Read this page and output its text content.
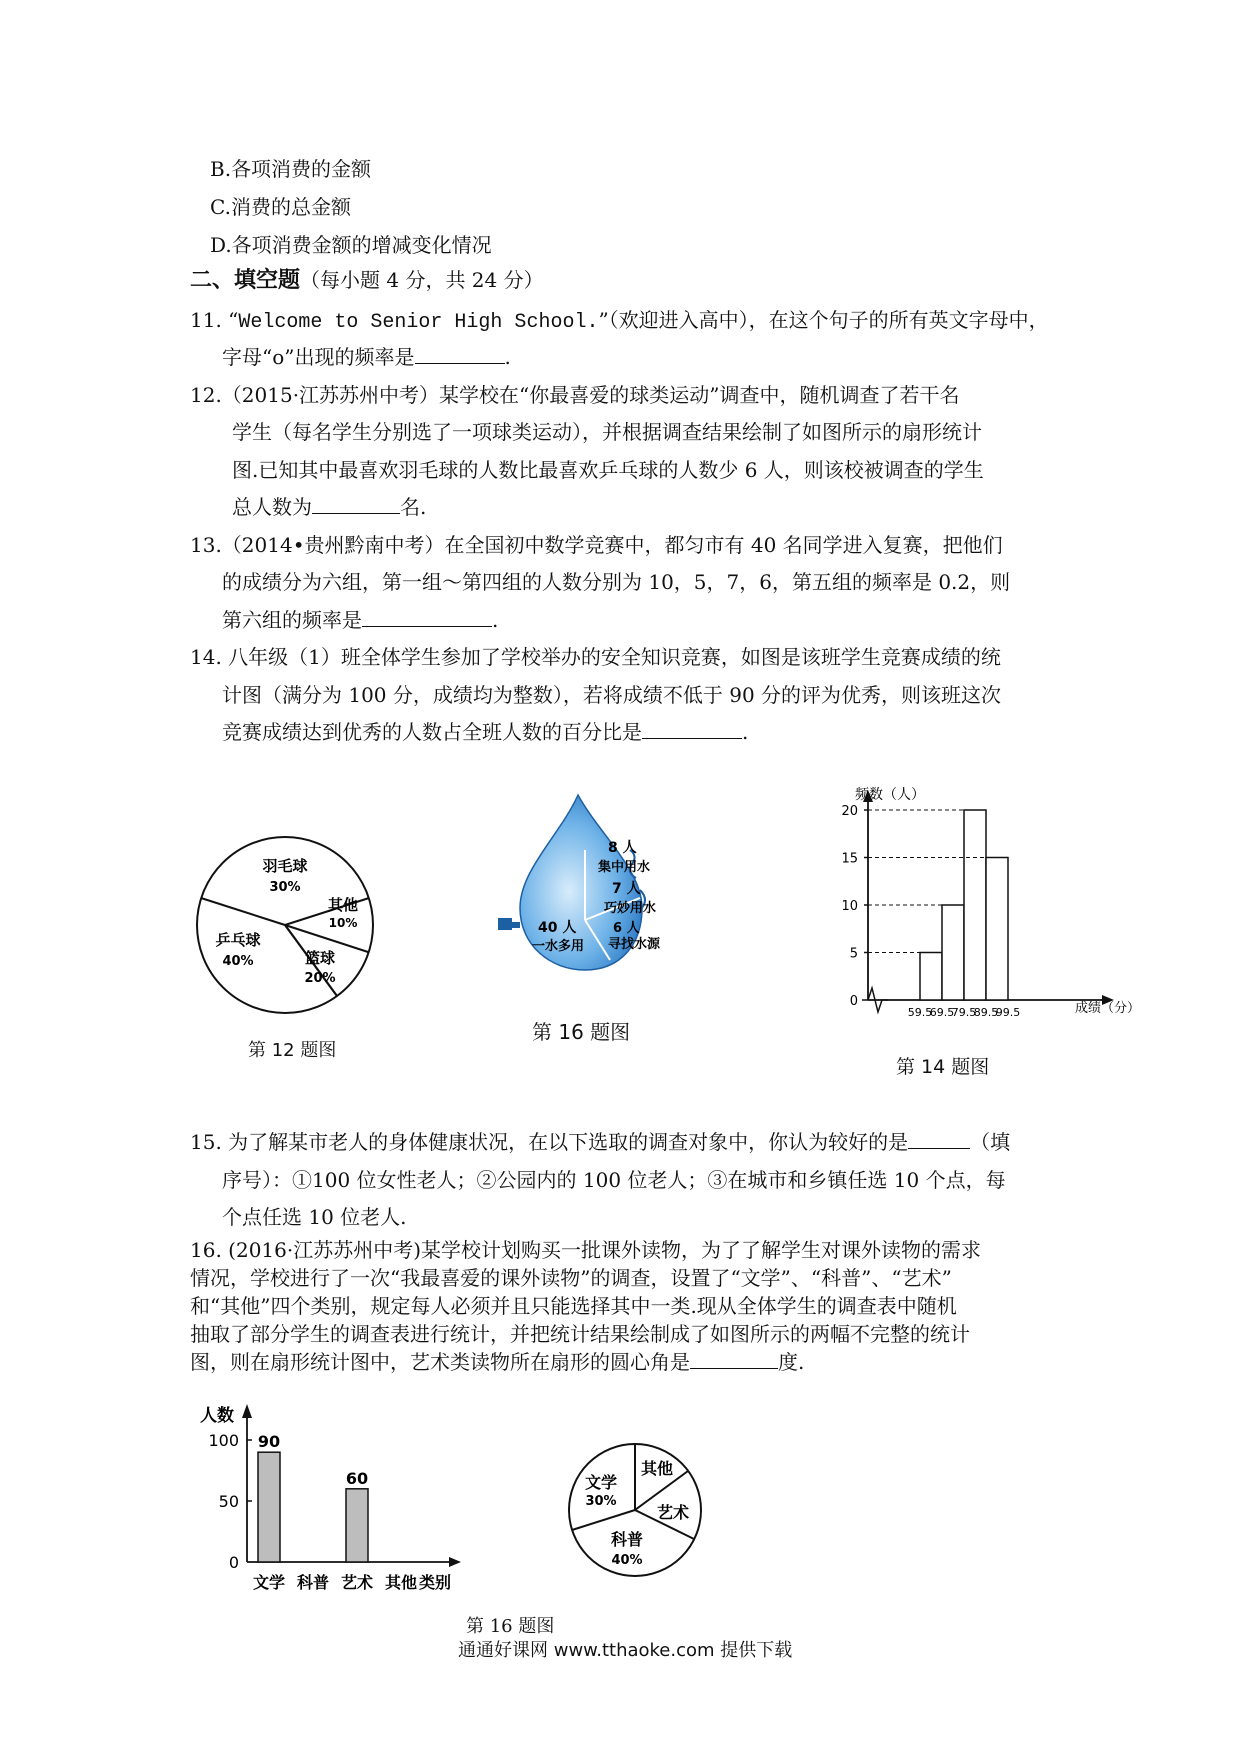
B.各项消费的金额
C.消费的总金额
D.各项消费金额的增减变化情况
二、填空题（每小题 4 分，共 24 分）
11. “Welcome to Senior High School.”（欢迎进入高中），在这个句子的所有英文字母中，
字母“o”出现的频率是	.
12.（2015·江苏苏州中考）某学校在“你最喜爱的球类运动”调查中，随机调查了若干名
学生（每名学生分别选了一项球类运动），并根据调查结果绘制了如图所示的扇形统计
图.已知其中最喜欢羽毛球的人数比最喜欢乒乓球的人数少 6 人，则该校被调查的学生
总人数为	名.
13.（2014•贵州黔南中考）在全国初中数学竞赛中，都匀市有 40 名同学进入复赛，把他们
的成绩分为六组，第一组～第四组的人数分别为 10，5，7，6，第五组的频率是 0.2，则
第六组的频率是	.
14. 八年级（1）班全体学生参加了学校举办的安全知识竞赛，如图是该班学生竞赛成绩的统
计图（满分为 100 分，成绩均为整数），若将成绩不低于 90 分的评为优秀，则该班这次
竞赛成绩达到优秀的人数占全班人数的百分比是	.
羽毛球
30%
其他
10%
篮球
20%
乒乓球
40%
第 12 题图
8 人
集中用水
7 人
巧妙用水
6 人
寻找水源
40 人
一水多用
第 16 题图
频数（人）
成绩（分）
0
5
10
15
20
59.5
69.5
79.5
89.5
99.5
第 14 题图
15. 为了解某市老人的身体健康状况，在以下选取的调查对象中，你认为较好的是	（填
序号）：①100 位女性老人；②公园内的 100 位老人；③在城市和乡镇任选 10 个点，每
个点任选 10 位老人.
16. (2016·江苏苏州中考)某学校计划购买一批课外读物，为了了解学生对课外读物的需求
情况，学校进行了一次“我最喜爱的课外读物”的调查，设置了“文学”、“科普”、“艺术”
和“其他”四个类别，规定每人必须并且只能选择其中一类.现从全体学生的调查表中随机
抽取了部分学生的调查表进行统计，并把统计结果绘制成了如图所示的两幅不完整的统计
图，则在扇形统计图中，艺术类读物所在扇形的圆心角是	度.
人数
0
50
100
文学
90
科普 艺术
60
其他 类别
文学
30%
其他
艺术
科普
40%
第 16 题图
通通好课网 www.tthaoke.com 提供下载
